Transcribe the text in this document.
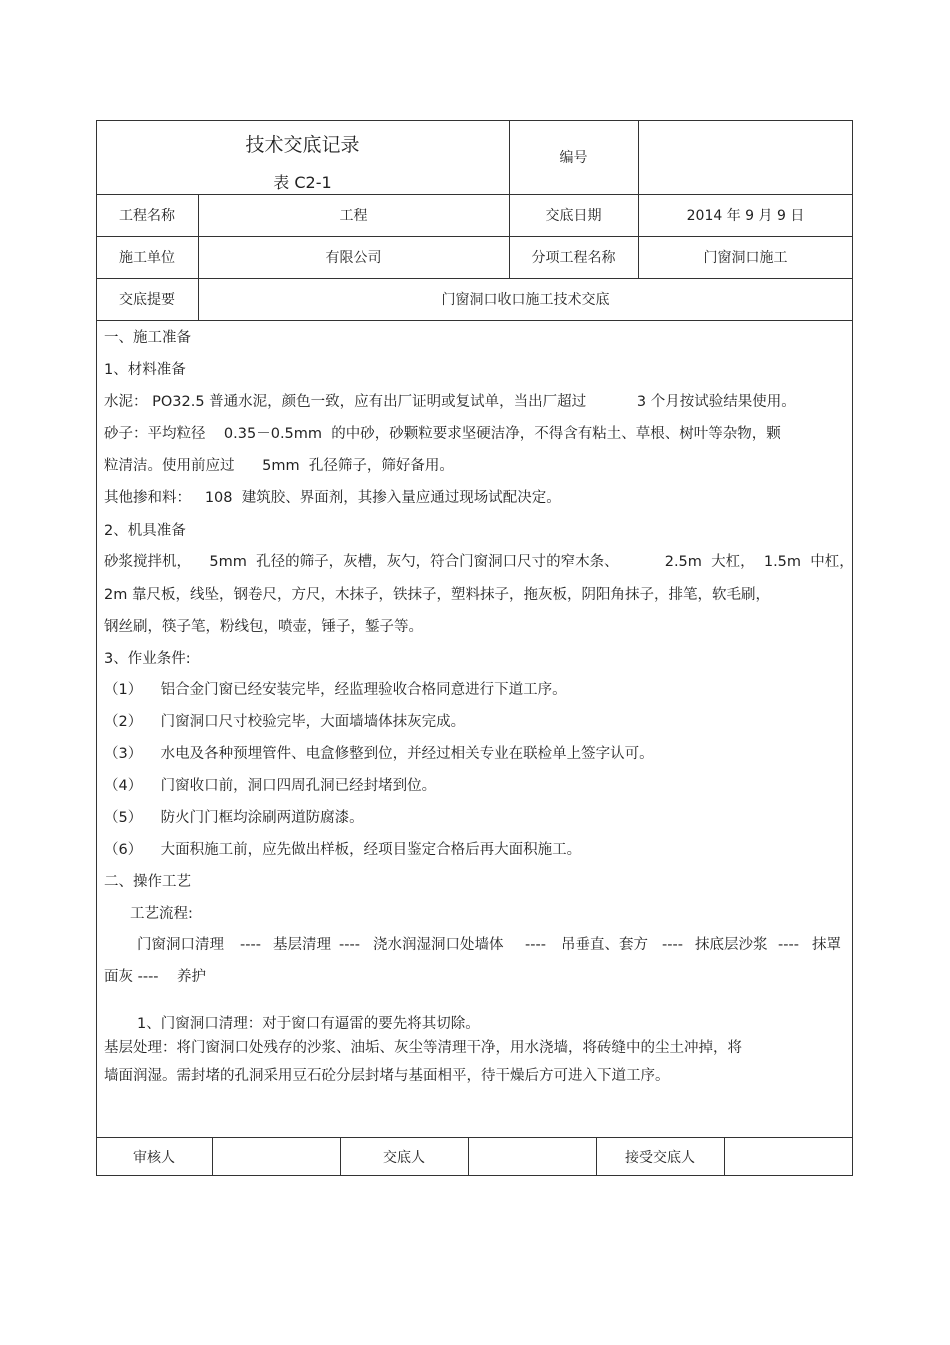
技术交底记录
表 C2-1
编号
工程名称	工程	交底日期	2014 年 9 月 9 日
施工单位	有限公司	分项工程名称	门窗洞口施工
交底提要	门窗洞口收口施工技术交底
一、施工准备
1、材料准备
水泥： PO32.5 普通水泥，颜色一致，应有出厂证明或复试单，当出厂超过           3 个月按试验结果使用。
砂子：平均粒径    0.35－0.5mm  的中砂，砂颗粒要求坚硬洁净，不得含有粘土、草根、树叶等杂物，颗
粒清洁。使用前应过      5mm  孔径筛子，筛好备用。
其他掺和料：   108  建筑胶、界面剂，其掺入量应通过现场试配决定。
2、机具准备
砂浆搅拌机，    5mm  孔径的筛子，灰槽，灰勺，符合门窗洞口尺寸的窄木条、          2.5m  大杠，  1.5m  中杠，
2m 靠尺板，线坠，钢卷尺，方尺，木抹子，铁抹子，塑料抹子，拖灰板，阴阳角抹子，排笔，软毛刷，
钢丝刷，筷子笔，粉线包，喷壶，锤子，錾子等。
3、作业条件:
（1）    铝合金门窗已经安装完毕，经监理验收合格同意进行下道工序。
（2）    门窗洞口尺寸校验完毕，大面墙墙体抹灰完成。
（3）    水电及各种预埋管件、电盒修整到位，并经过相关专业在联检单上签字认可。
（4）    门窗收口前，洞口四周孔洞已经封堵到位。
（5）    防火门门框均涂刷两道防腐漆。
（6）    大面积施工前，应先做出样板，经项目鉴定合格后再大面积施工。
二、操作工艺
工艺流程:
门窗洞口清理 ---- 基层清理 ---- 浇水润湿洞口处墙体 ---- 吊垂直、套方 ---- 抹底层沙浆 ---- 抹罩
面灰 ----    养护
1、门窗洞口清理：对于窗口有逼雷的要先将其切除。
基层处理：将门窗洞口处残存的沙浆、油垢、灰尘等清理干净，用水浇墙，将砖缝中的尘土冲掉，将
墙面润湿。需封堵的孔洞采用豆石砼分层封堵与基面相平，待干燥后方可进入下道工序。
审核人	交底人	接受交底人
